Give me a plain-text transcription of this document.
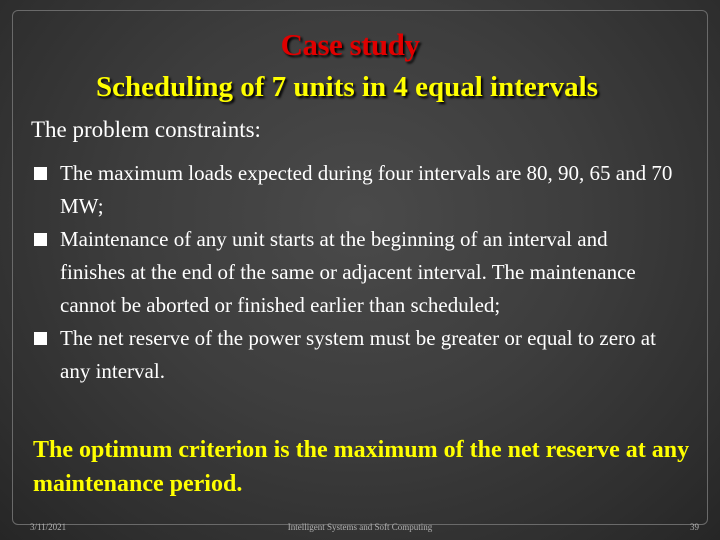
Case study
Scheduling of 7 units in 4 equal intervals
The problem constraints:
The maximum loads expected during four intervals are 80, 90, 65 and 70 MW;
Maintenance of any unit starts at the beginning of an interval and finishes at the end of the same or adjacent interval. The maintenance cannot be aborted or finished earlier than scheduled;
The net reserve of the power system must be greater or equal to zero at any interval.
The optimum criterion is the maximum of the net reserve at any maintenance period.
3/11/2021	Intelligent Systems and Soft Computing	39
